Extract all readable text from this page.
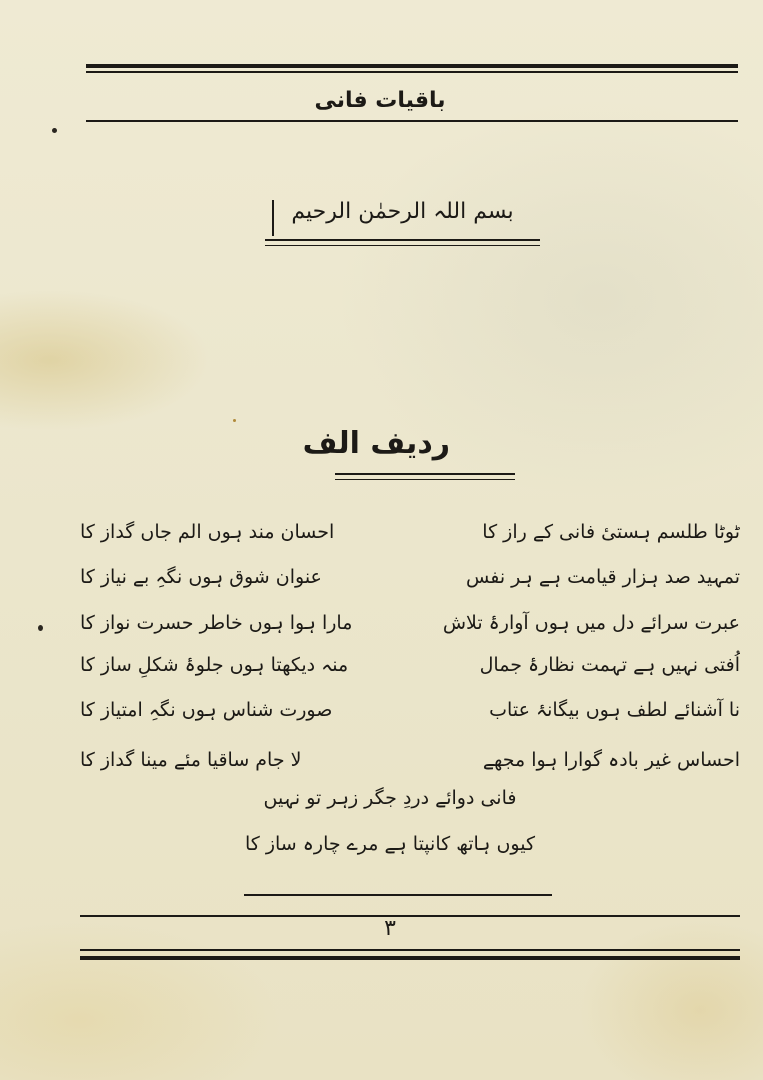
باقیات فانی
بسم اللہ الرحمٰن الرحیم
ردیف الف
ٹوٹا طلسم ہستیٔ فانی کے راز کا
احسان مند ہوں الم جاں گداز کا
تمہید صد ہزار قیامت ہے ہر نفس
عنوان شوق ہوں نگہِ بے نیاز کا
عبرت سرائے دل میں ہوں آوارۂ تلاش
مارا ہوا ہوں خاطر حسرت نواز کا
اُفتی نہیں ہے تہمت نظارۂ جمال
منہ دیکھتا ہوں جلوۂ شکلِ ساز کا
نا آشنائے لطف ہوں بیگانۂ عتاب
صورت شناس ہوں نگہِ امتیاز کا
احساس غیر بادہ گوارا ہوا مجھے
لا جام ساقیا مئے مینا گداز کا
فانی دوائے دردِ جگر زہر تو نہیں
کیوں ہاتھ کانپتا ہے مرے چارہ ساز کا
۳
